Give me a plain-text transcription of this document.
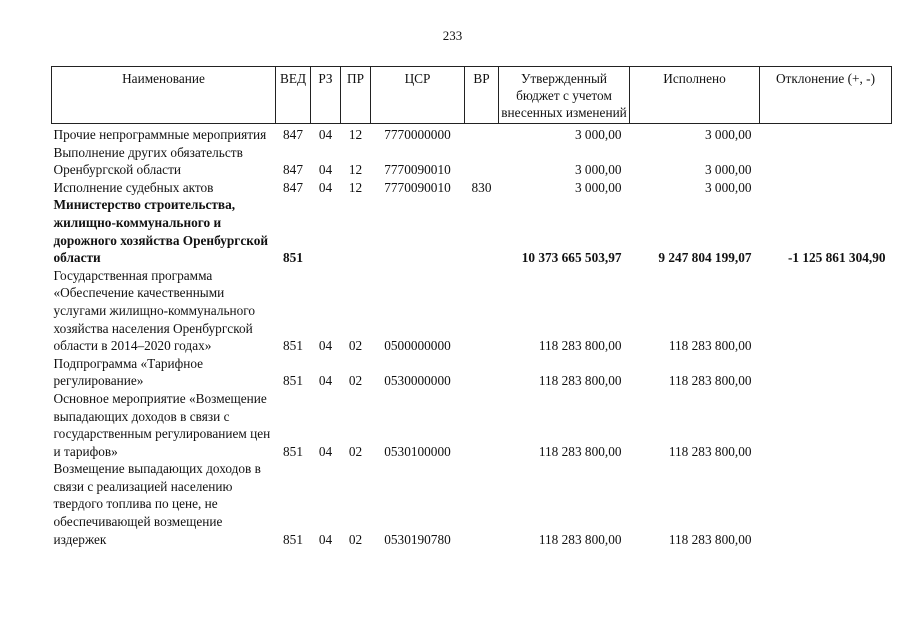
233
Наименование	ВЕД	РЗ	ПР	ЦСР	ВР	Утвержденный бюджет с учетом внесенных изменений	Исполнено	Отклонение (+, -)
Прочие непрограммные мероприятия	847	04	12	7770000000		3 000,00	3 000,00	
Выполнение других обязательств Оренбургской области	847	04	12	7770090010		3 000,00	3 000,00	
Исполнение судебных актов	847	04	12	7770090010	830	3 000,00	3 000,00	
Министерство строительства, жилищно-коммунального и дорожного хозяйства Оренбургской области	851					10 373 665 503,97	9 247 804 199,07	-1 125 861 304,90
Государственная программа «Обеспечение качественными услугами жилищно-коммунального хозяйства населения Оренбургской области в 2014–2020 годах»	851	04	02	0500000000		118 283 800,00	118 283 800,00	
Подпрограмма «Тарифное регулирование»	851	04	02	0530000000		118 283 800,00	118 283 800,00	
Основное мероприятие «Возмещение выпадающих доходов в связи с государственным регулированием цен и тарифов»	851	04	02	0530100000		118 283 800,00	118 283 800,00	
Возмещение выпадающих доходов в связи с реализацией населению твердого топлива по цене, не обеспечивающей возмещение издержек	851	04	02	0530190780		118 283 800,00	118 283 800,00	
